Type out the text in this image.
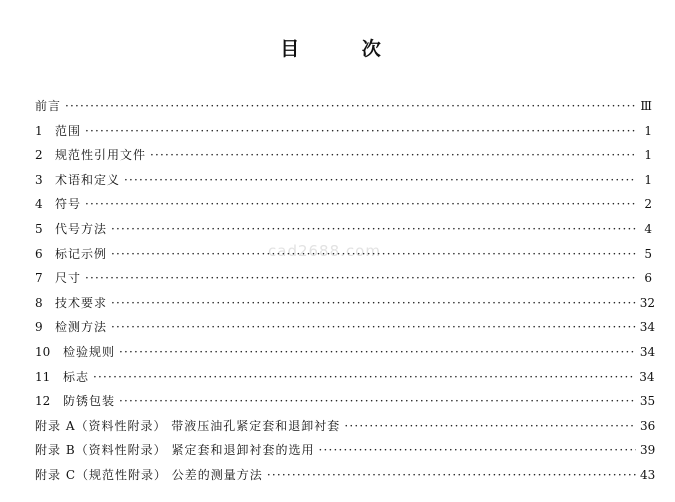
目 次
cad2688.com
前言 ·····	Ⅲ
1	范围 ·····	1
2	规范性引用文件 ·····	1
3	术语和定义 ·····	1
4	符号 ·····	2
5	代号方法 ·····	4
6	标记示例 ·····	5
7	尺寸 ·····	6
8	技术要求 ·····	32
9	检测方法 ·····	34
10	检验规则 ·····	34
11	标志 ·····	34
12	防锈包装 ·····	35
附录 A（资料性附录） 带液压油孔紧定套和退卸衬套 ·····	36
附录 B（资料性附录） 紧定套和退卸衬套的选用 ·····	39
附录 C（规范性附录） 公差的测量方法 ·····	43
